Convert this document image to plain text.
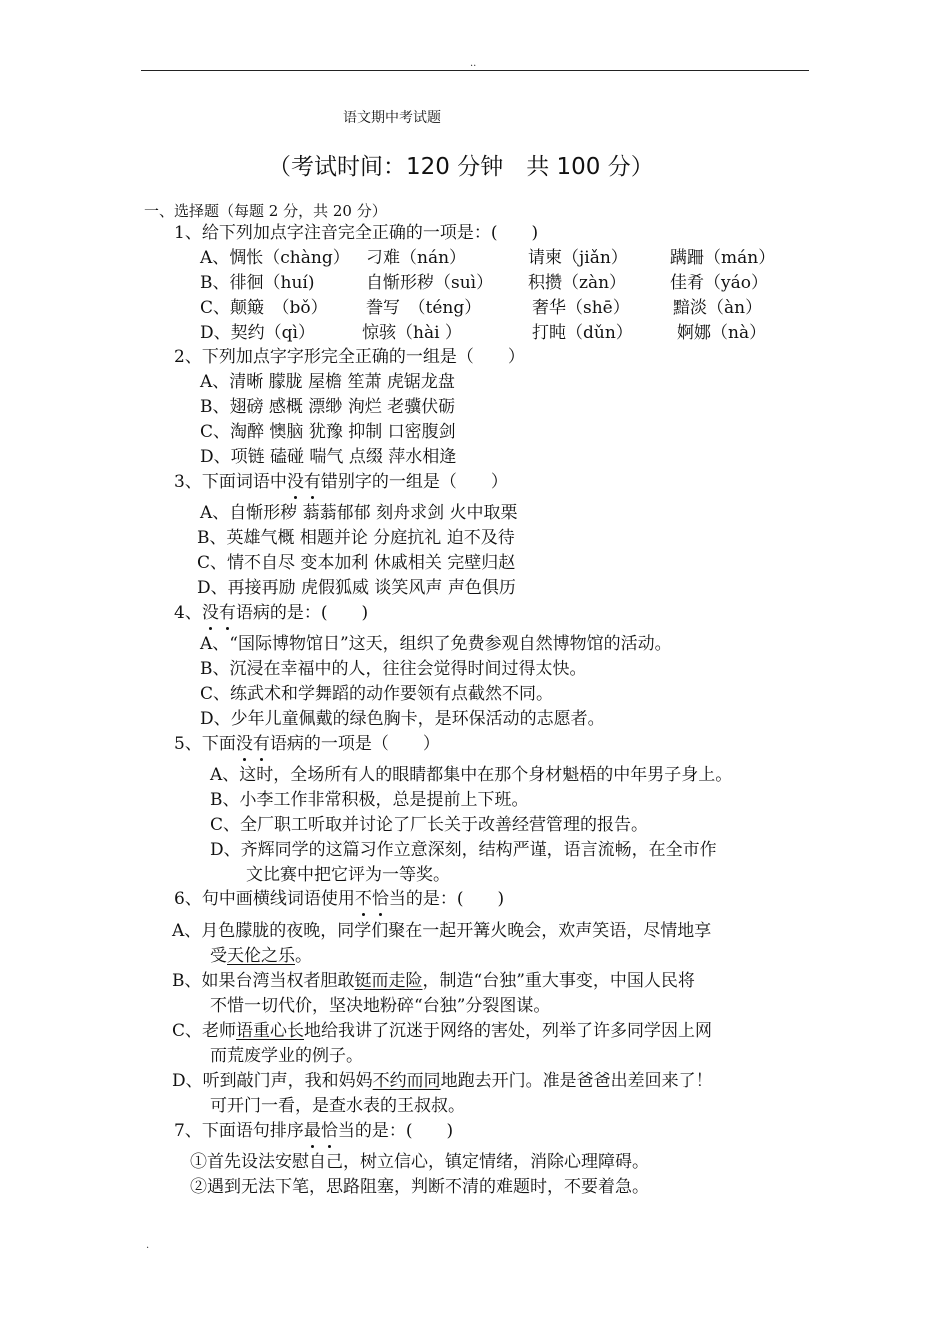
..
语文期中考试题
（考试时间：120 分钟　共 100 分）
一、选择题（每题 2 分，共 20 分）
1、给下列加点字注音完全正确的一项是：(　　)
A、惆怅（chàng） 刁难（nán）	请柬（jiǎn） 蹒跚（mán）
B、徘徊（huí)	自惭形秽（suì） 积攒（zàn）	佳肴（yáo）
C、颠簸　（bǒ） 誊写　（téng）	奢华（shē）	黯淡（àn）
D、契约（qì）	惊骇（hài ）	打盹（dǔn）	婀娜（nà）
2、下列加点字字形完全正确的一组是（　　）
A、清晰 朦胧 屋檐 笙萧 虎锯龙盘
B、翅磅 感概 漂缈 洵烂 老骥伏砺
C、淘醉 懊脑 犹豫 抑制 口密腹剑
D、项链 磕碰 喘气 点缀 萍水相逄
3、下面词语中没有错别字的一组是（　　）
A、自惭形秽 蓊蓊郁郁 刻舟求剑 火中取栗
B、英雄气概 相题并论 分庭抗礼 迫不及待
C、情不自尽 变本加利 休戚相关 完壁归赵
D、再接再励 虎假狐威 谈笑风声 声色俱历
4、没有语病的是：(　　)
A、“国际博物馆日”这天，组织了免费参观自然博物馆的活动。
B、沉浸在幸福中的人，往往会觉得时间过得太快。
C、练武术和学舞蹈的动作要领有点截然不同。
D、少年儿童佩戴的绿色胸卡，是环保活动的志愿者。
5、下面没有语病的一项是（　　）
A、这时，全场所有人的眼睛都集中在那个身材魁梧的中年男子身上。
B、小李工作非常积极，总是提前上下班。
C、全厂职工听取并讨论了厂长关于改善经营管理的报告。
D、齐辉同学的这篇习作立意深刻，结构严谨，语言流畅，在全市作
文比赛中把它评为一等奖。
6、句中画横线词语使用不恰当的是：(　　)
A、月色朦胧的夜晚，同学们聚在一起开篝火晚会，欢声笑语，尽情地享
受天伦之乐。
B、如果台湾当权者胆敢铤而走险，制造“台独”重大事变，中国人民将
不惜一切代价，坚决地粉碎“台独”分裂图谋。
C、老师语重心长地给我讲了沉迷于网络的害处，列举了许多同学因上网
而荒废学业的例子。
D、听到敲门声，我和妈妈不约而同地跑去开门。准是爸爸出差回来了！
可开门一看，是查水表的王叔叔。
7、下面语句排序最恰当的是：(　　)
①首先设法安慰自己，树立信心，镇定情绪，消除心理障碍。
②遇到无法下笔，思路阻塞，判断不清的难题时，不要着急。
.
